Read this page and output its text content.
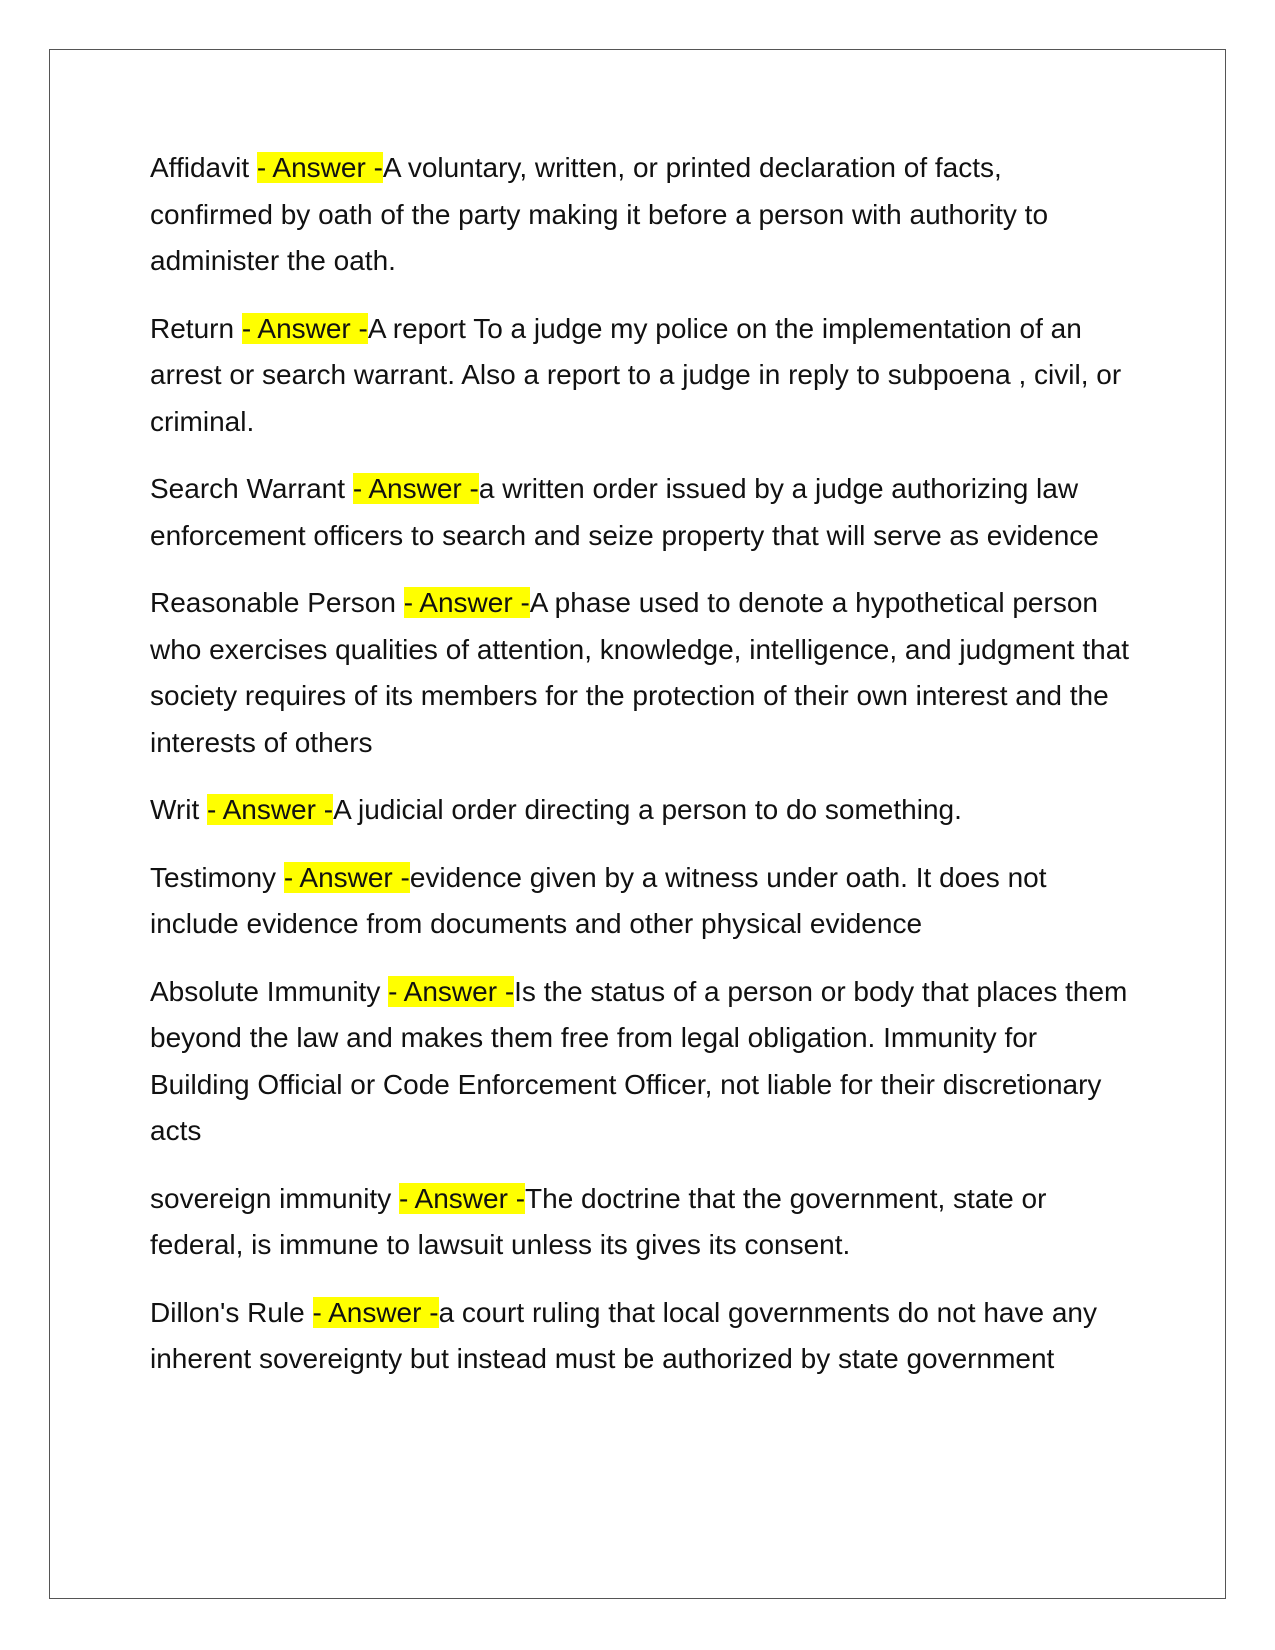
Affidavit - Answer -A voluntary, written, or printed declaration of facts, confirmed by oath of the party making it before a person with authority to administer the oath.

Return - Answer -A report To a judge my police on the implementation of an arrest or search warrant. Also a report to a judge in reply to subpoena , civil, or criminal.

Search Warrant - Answer -a written order issued by a judge authorizing law enforcement officers to search and seize property that will serve as evidence

Reasonable Person - Answer -A phase used to denote a hypothetical person who exercises qualities of attention, knowledge, intelligence, and judgment that society requires of its members for the protection of their own interest and the interests of others

Writ - Answer -A judicial order directing a person to do something.

Testimony - Answer -evidence given by a witness under oath. It does not include evidence from documents and other physical evidence

Absolute Immunity - Answer -Is the status of a person or body that places them beyond the law and makes them free from legal obligation. Immunity for Building Official or Code Enforcement Officer, not liable for their discretionary acts

sovereign immunity - Answer -The doctrine that the government, state or federal, is immune to lawsuit unless its gives its consent.

Dillon's Rule - Answer -a court ruling that local governments do not have any inherent sovereignty but instead must be authorized by state government
